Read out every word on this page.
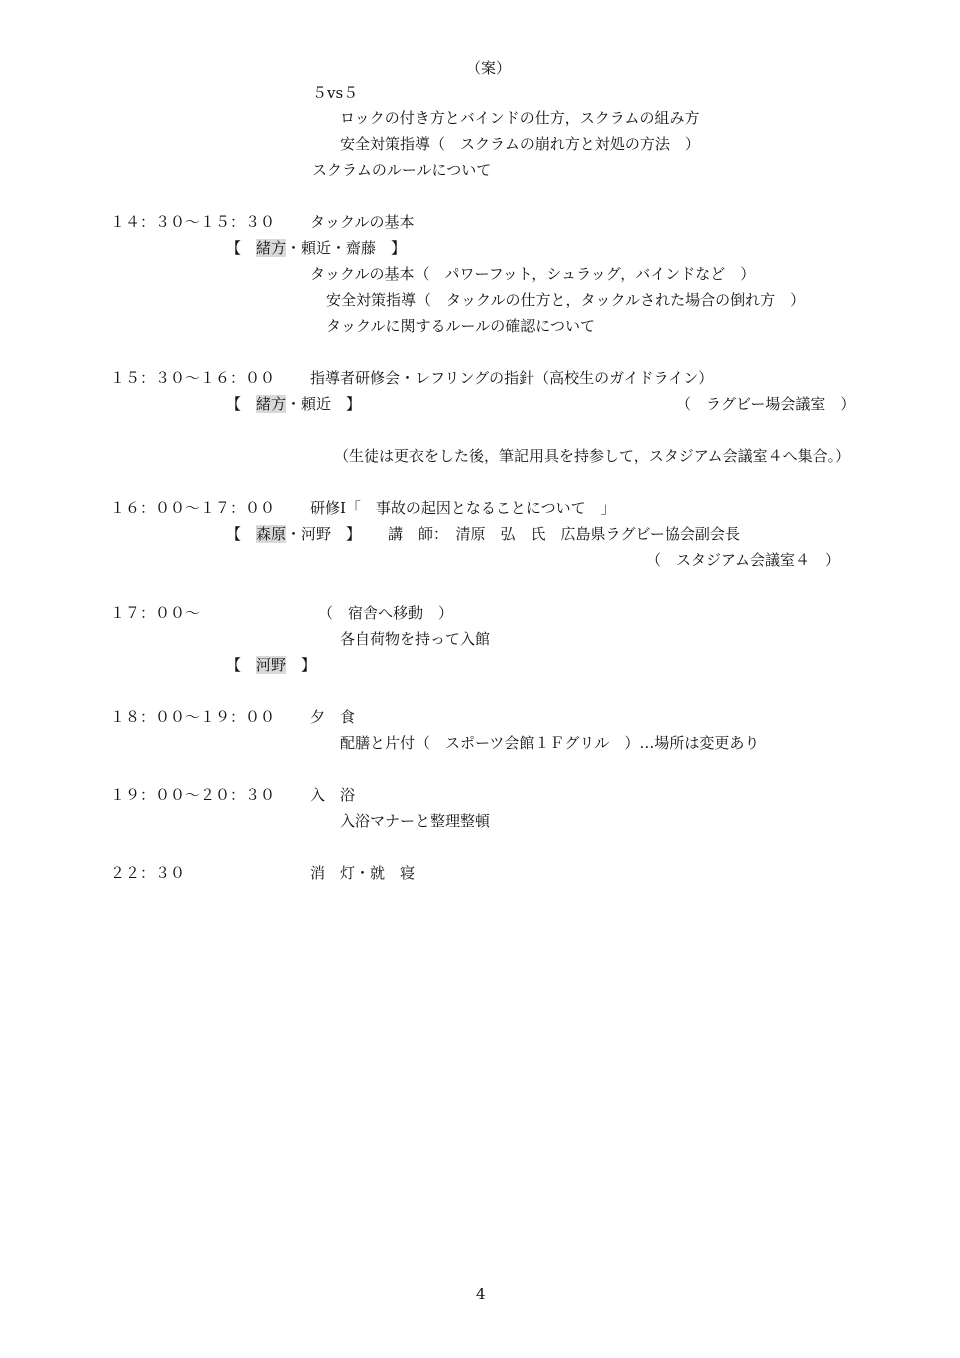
（案）
５vs５
ロックの付き方とバインドの仕方，スクラムの組み方
安全対策指導（　スクラムの崩れ方と対処の方法　）
スクラムのルールについて
１４：３０〜１５：３０ タックルの基本
【　緒方・頼近・齋藤　】
タックルの基本（　パワーフット，シュラッグ，バインドなど　）
安全対策指導（　タックルの仕方と，タックルされた場合の倒れ方　）
タックルに関するルールの確認について
１５：３０〜１６：００ 指導者研修会・レフリングの指針（高校生のガイドライン）
【　緒方・頼近　】	（　ラグビー場会議室　）
（生徒は更衣をした後，筆記用具を持参して，スタジアム会議室４へ集合。）
１６：００〜１７：００ 研修Ⅰ「　事故の起因となることについて　」
【　森原・河野　】 講　師：　清原　弘　氏　広島県ラグビー協会副会長
（　スタジアム会議室４　）
１７：００〜	（　宿舎へ移動　）
各自荷物を持って入館
【　河野　】
１８：００〜１９：００ 夕　食
配膳と片付（　スポーツ会館１Ｆグリル　）…場所は変更あり
１９：００〜２０：３０ 入　浴
入浴マナーと整理整頓
２２：３０	消　灯・就　寝
4
